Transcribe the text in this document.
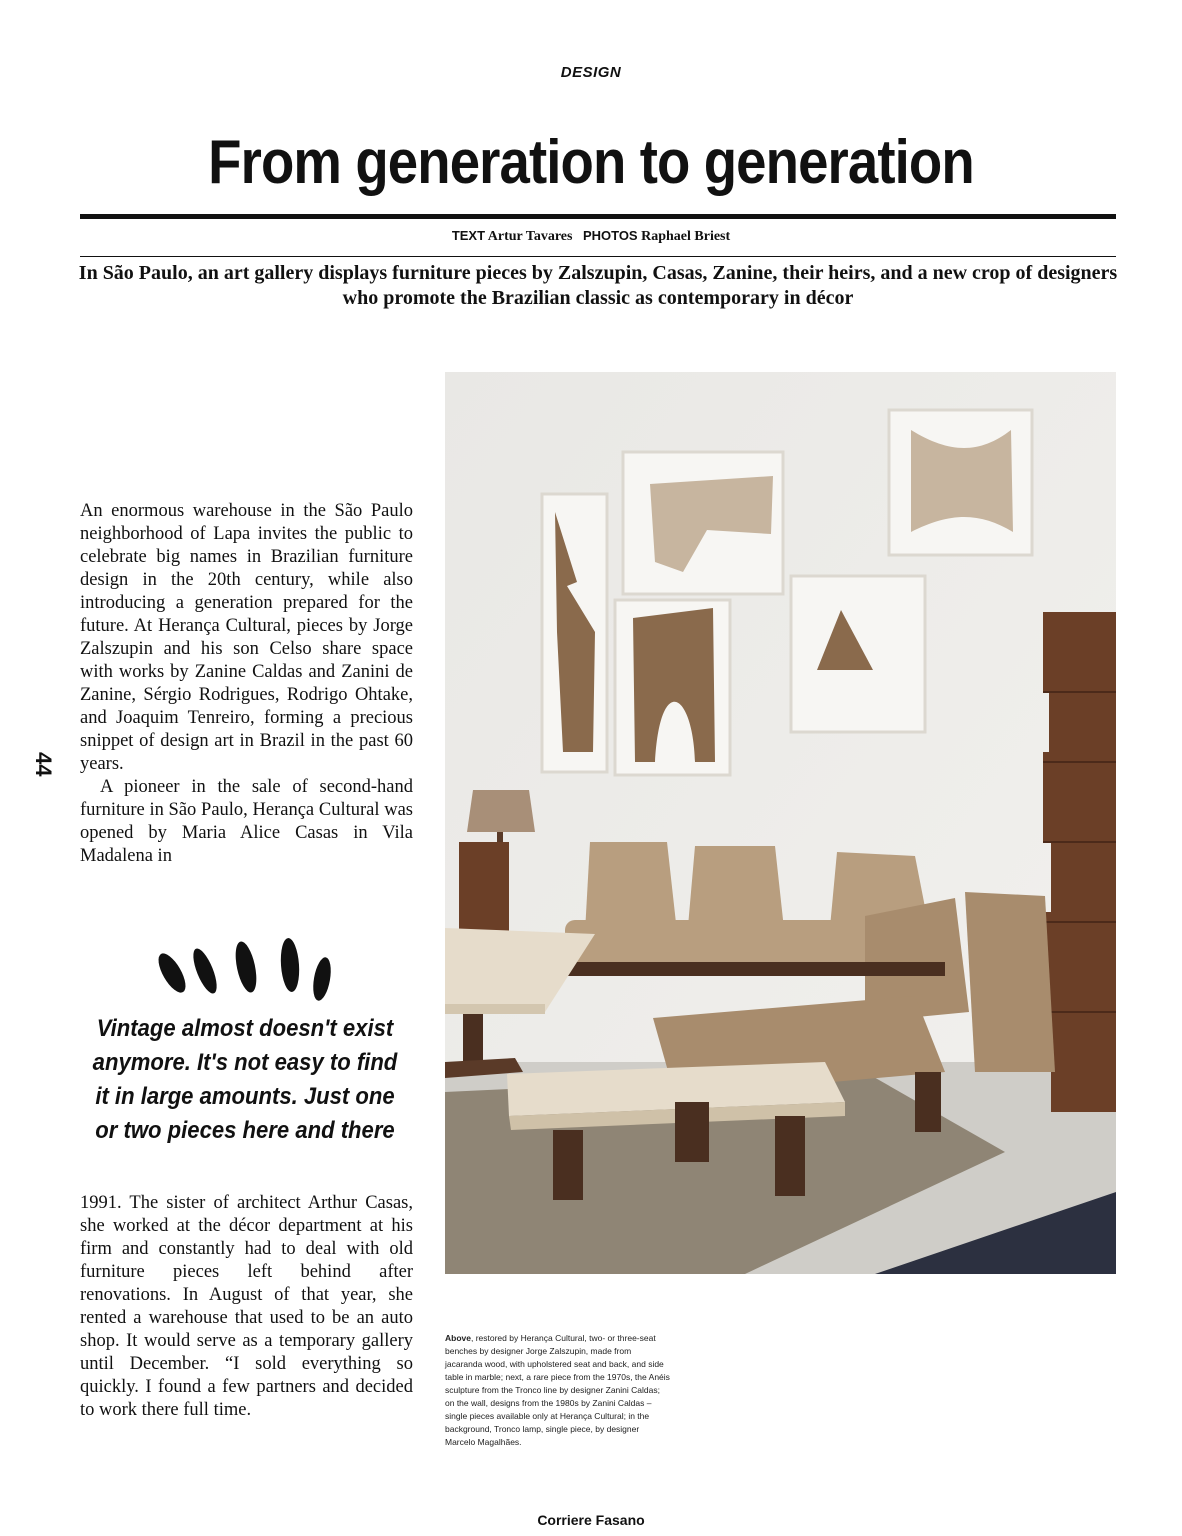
DESIGN
From generation to generation
TEXT Artur Tavares PHOTOS Raphael Briest
In São Paulo, an art gallery displays furniture pieces by Zalszupin, Casas, Zanine, their heirs, and a new crop of designers who promote the Brazilian classic as contemporary in décor

An enormous warehouse in the São Paulo neighborhood of Lapa invites the public to celebrate big names in Brazilian furniture design in the 20th century, while also introducing a generation prepared for the future. At Herança Cultural, pieces by Jorge Zalszupin and his son Celso share space with works by Zanine Caldas and Zanini de Zanine, Sérgio Rodrigues, Rodrigo Ohtake, and Joaquim Tenreiro, forming a precious snippet of design art in Brazil in the past 60 years.

A pioneer in the sale of second-hand furniture in São Paulo, Herança Cultural was opened by Maria Alice Casas in Vila Madalena in

44
Vintage almost doesn't exist anymore. It's not easy to find it in large amounts. Just one or two pieces here and there

1991. The sister of architect Arthur Casas, she worked at the décor department at his firm and constantly had to deal with old furniture pieces left behind after renovations. In August of that year, she rented a warehouse that used to be an auto shop. It would serve as a temporary gallery until December. “I sold everything so quickly. I found a few partners and decided to work there full time.

Above, restored by Herança Cultural, two- or three-seat benches by designer Jorge Zalszupin, made from jacaranda wood, with upholstered seat and back, and side table in marble; next, a rare piece from the 1970s, the Anéis sculpture from the Tronco line by designer Zanini Caldas; on the wall, designs from the 1980s by Zanini Caldas – single pieces available only at Herança Cultural; in the background, Tronco lamp, single piece, by designer Marcelo Magalhães.
Corriere Fasano
